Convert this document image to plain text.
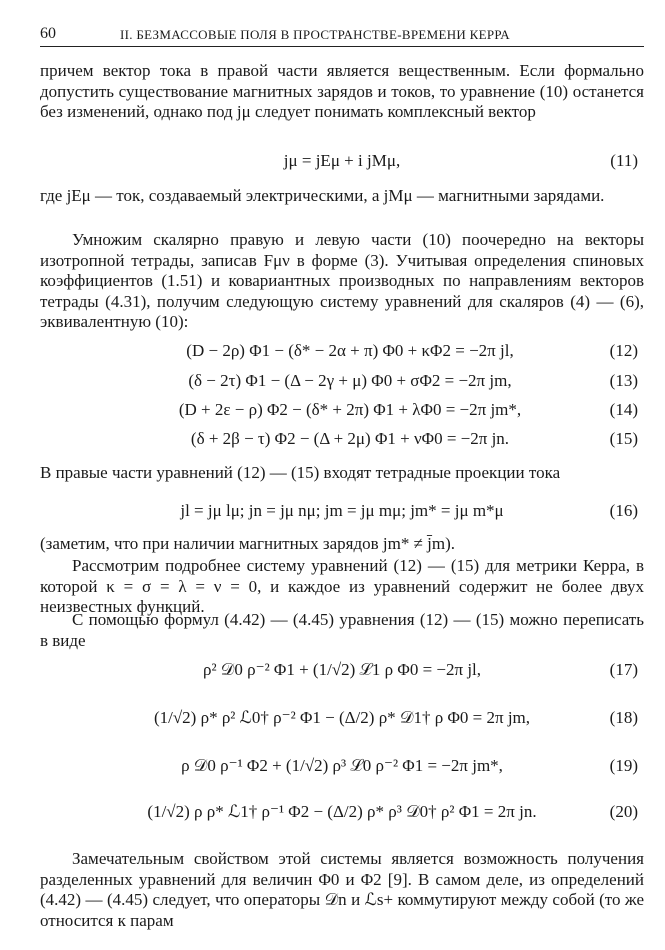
60	II. БЕЗМАССОВЫЕ ПОЛЯ В ПРОСТРАНСТВЕ-ВРЕМЕНИ КЕРРА

причем вектор тока в правой части является вещественным. Если формально допустить существование магнитных зарядов и токов, то уравнение (10) останется без изменений, однако под jμ следует понимать комплексный вектор

jμ = jEμ + i jMμ,	(11)

где jEμ — ток, создаваемый электрическими, а jMμ — магнитными зарядами.

Умножим скалярно правую и левую части (10) поочередно на векторы изотропной тетрады, записав Fμν в форме (3). Учитывая определения спиновых коэффициентов (1.51) и ковариантных производных по направлениям векторов тетрады (4.31), получим следующую систему уравнений для скаляров (4) — (6), эквивалентную (10):

(D − 2ρ) Φ1 − (δ* − 2α + π) Φ0 + κΦ2 = −2π jl,	(12)
(δ − 2τ) Φ1 − (Δ − 2γ + μ) Φ0 + σΦ2 = −2π jm,	(13)
(D + 2ε − ρ) Φ2 − (δ* + 2π) Φ1 + λΦ0 = −2π jm*,	(14)
(δ + 2β − τ) Φ2 − (Δ + 2μ) Φ1 + νΦ0 = −2π jn.	(15)

В правые части уравнений (12) — (15) входят тетрадные проекции тока

jl = jμ lμ; jn = jμ nμ; jm = jμ mμ; jm* = jμ m*μ	(16)

(заметим, что при наличии магнитных зарядов jm* ≠ j̄m).

Рассмотрим подробнее систему уравнений (12) — (15) для метрики Керра, в которой κ = σ = λ = ν = 0, и каждое из уравнений содержит не более двух неизвестных функций.

С помощью формул (4.42) — (4.45) уравнения (12) — (15) можно переписать в виде

ρ² 𝒟0 ρ⁻² Φ1 + (1/√2) ℒ1 ρ Φ0 = −2π jl,	(17)
(1/√2) ρ* ρ² ℒ0† ρ⁻² Φ1 − (Δ/2) ρ* 𝒟1† ρ Φ0 = 2π jm,	(18)
ρ 𝒟0 ρ⁻¹ Φ2 + (1/√2) ρ³ ℒ0 ρ⁻² Φ1 = −2π jm*,	(19)
(1/√2) ρ ρ* ℒ1† ρ⁻¹ Φ2 − (Δ/2) ρ* ρ³ 𝒟0† ρ² Φ1 = 2π jn.	(20)

Замечательным свойством этой системы является возможность получения разделенных уравнений для величин Φ0 и Φ2 [9]. В самом деле, из определений (4.42) — (4.45) следует, что операторы 𝒟n и ℒs+ коммутируют между собой (то же относится к парам
